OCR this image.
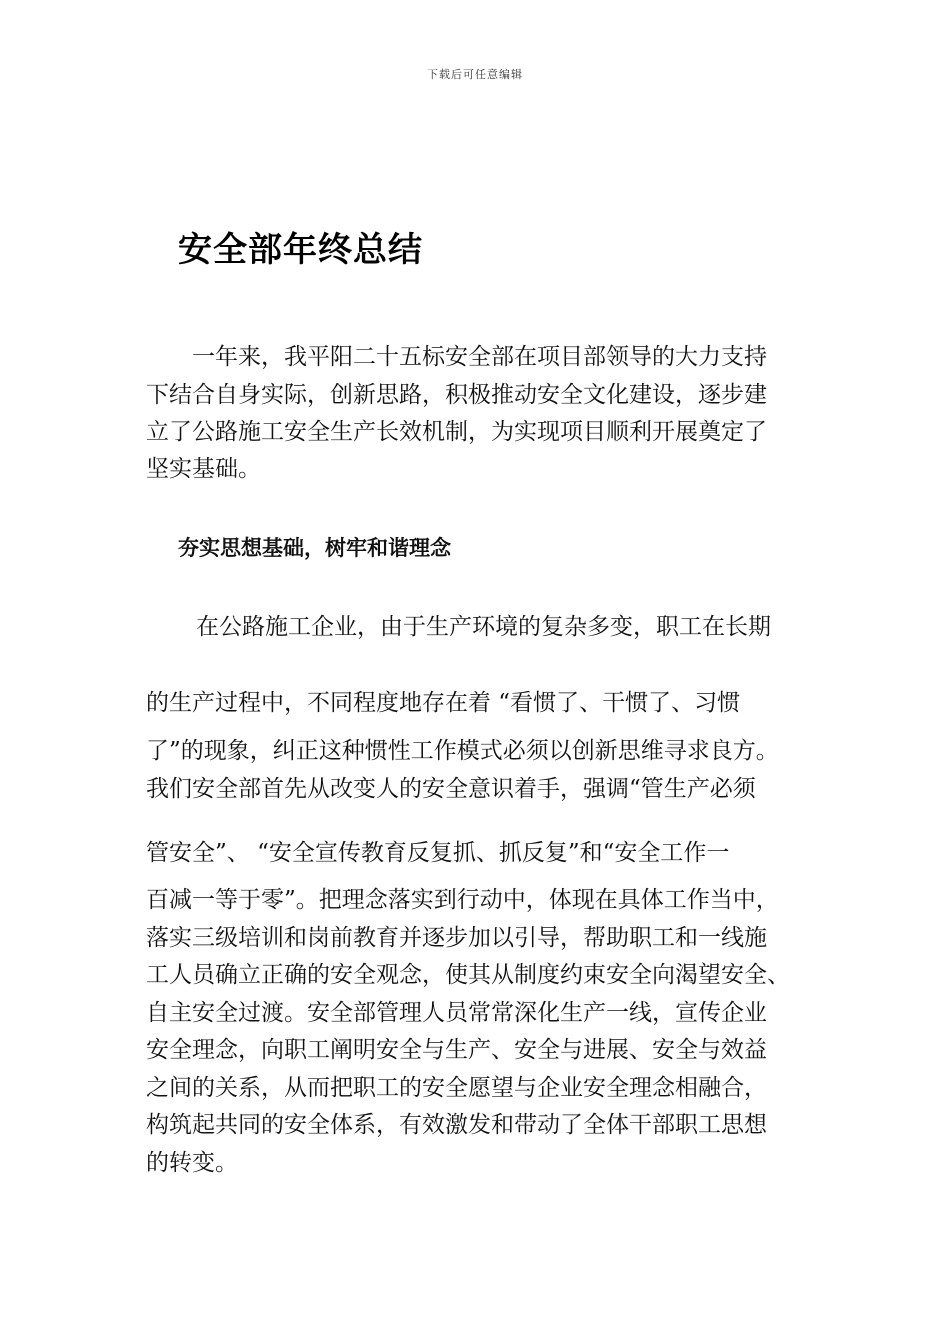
下载后可任意编辑
安全部年终总结
一年来，我平阳二十五标安全部在项目部领导的大力支持
下结合自身实际，创新思路，积极推动安全文化建设，逐步建
立了公路施工安全生产长效机制，为实现项目顺利开展奠定了
坚实基础。
夯实思想基础，树牢和谐理念
在公路施工企业，由于生产环境的复杂多变，职工在长期
的生产过程中，不同程度地存在着 “看惯了、干惯了、习惯
了”的现象，纠正这种惯性工作模式必须以创新思维寻求良方。
我们安全部首先从改变人的安全意识着手，强调“管生产必须
管安全”、 “安全宣传教育反复抓、抓反复”和“安全工作一
百减一等于零”。把理念落实到行动中，体现在具体工作当中，
落实三级培训和岗前教育并逐步加以引导，帮助职工和一线施
工人员确立正确的安全观念，使其从制度约束安全向渴望安全、
自主安全过渡。安全部管理人员常常深化生产一线，宣传企业
安全理念，向职工阐明安全与生产、安全与进展、安全与效益
之间的关系，从而把职工的安全愿望与企业安全理念相融合，
构筑起共同的安全体系，有效激发和带动了全体干部职工思想
的转变。
